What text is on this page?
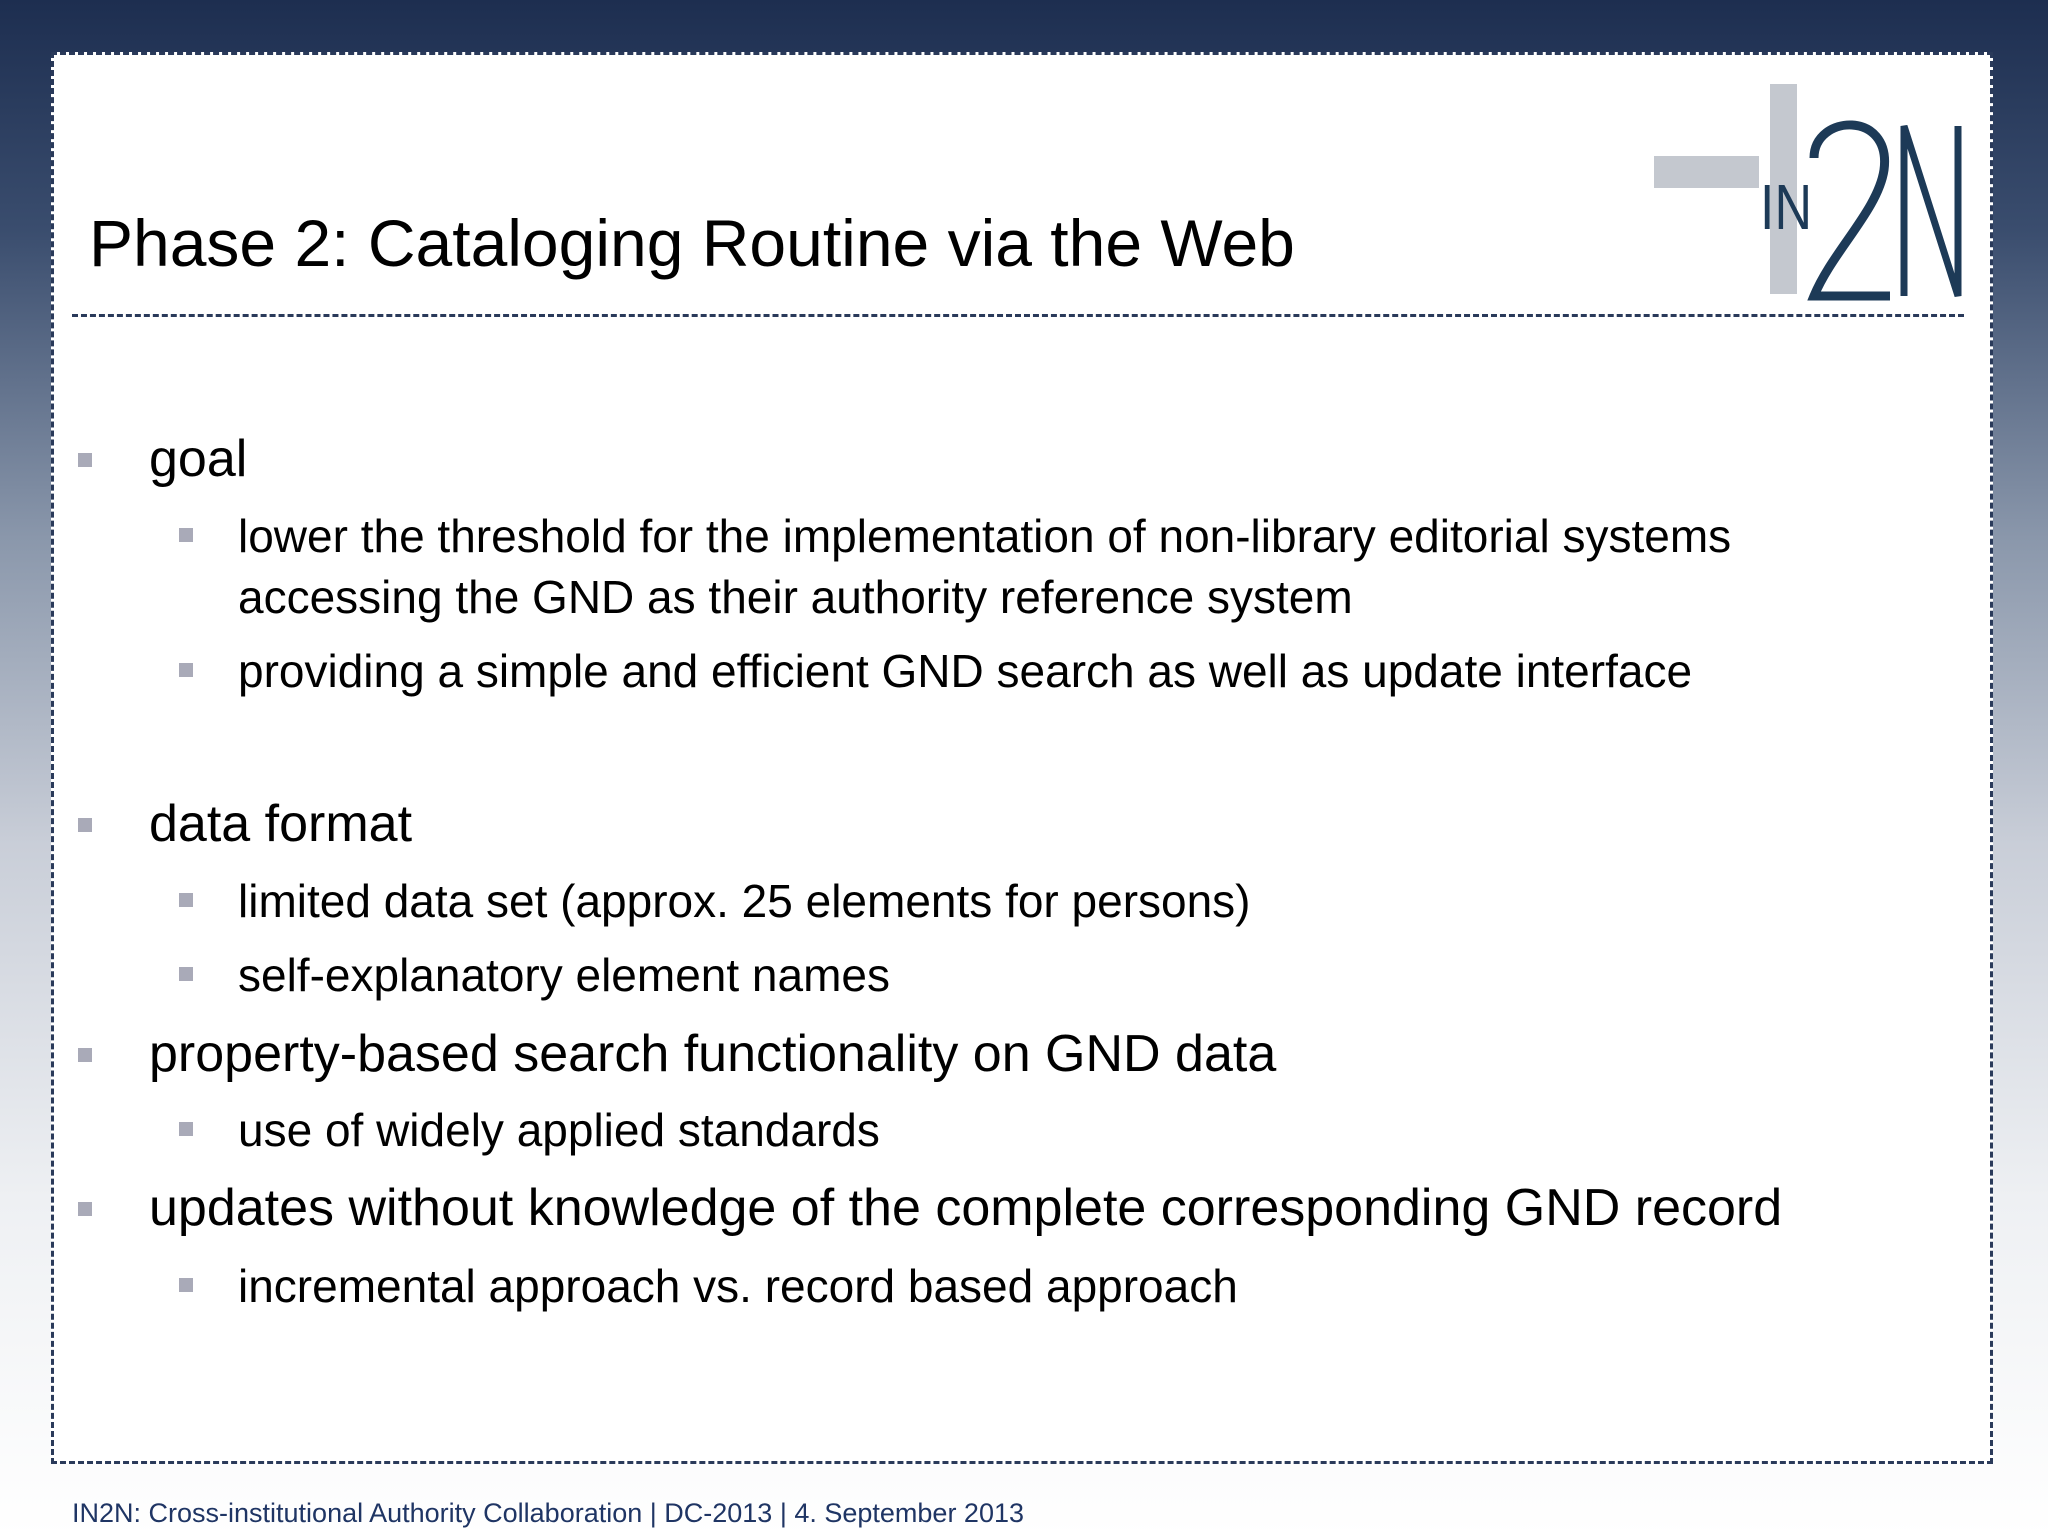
Phase 2: Cataloging Routine via the Web	IN
goal
lower the threshold for the implementation of non-library editorial systems
accessing the GND as their authority reference system
providing a simple and efficient GND search as well as update interface
data format
limited data set (approx. 25 elements for persons)
self-explanatory element names
property-based search functionality on GND data
use of widely applied standards
updates without knowledge of the complete corresponding GND record
incremental approach vs. record based approach
IN2N: Cross-institutional Authority Collaboration | DC-2013 | 4. September 2013
